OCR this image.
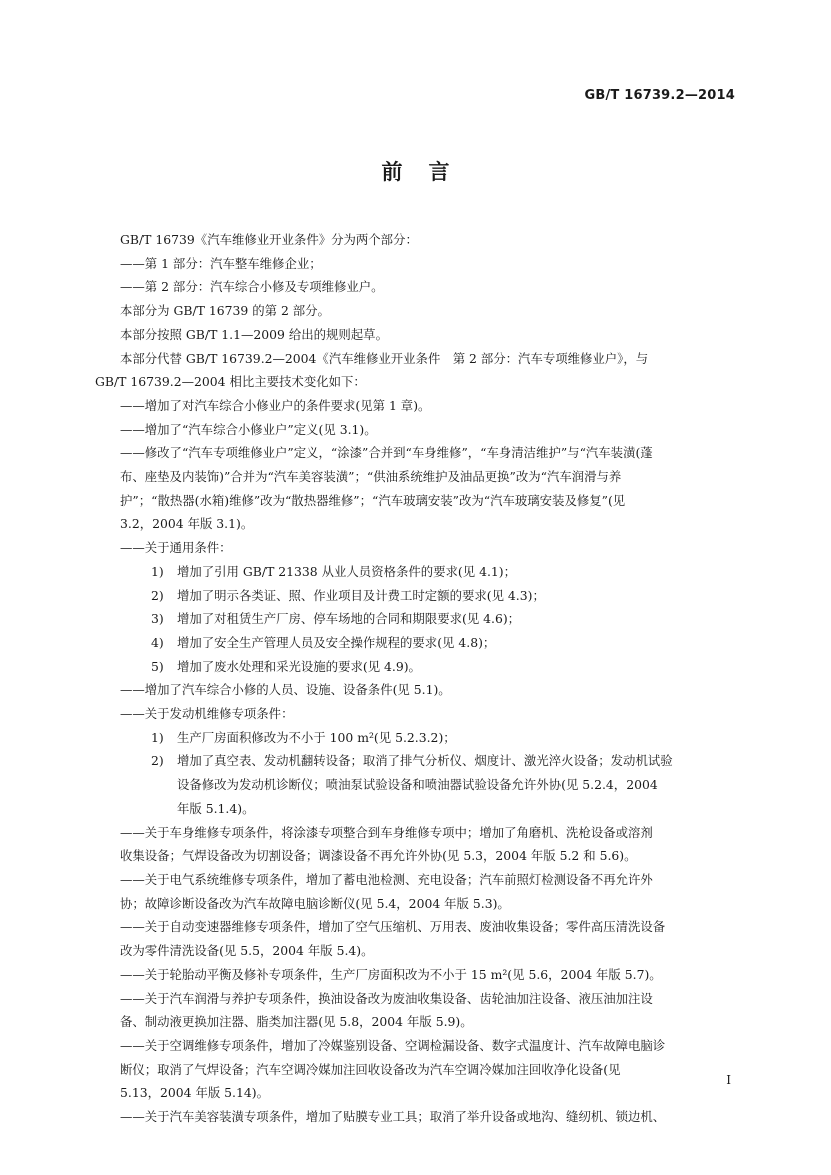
GB/T 16739.2—2014
前言

GB/T 16739《汽车维修业开业条件》分为两个部分：

——第 1 部分：汽车整车维修企业；

——第 2 部分：汽车综合小修及专项维修业户。

本部分为 GB/T 16739 的第 2 部分。

本部分按照 GB/T 1.1—2009 给出的规则起草。

本部分代替 GB/T 16739.2—2004《汽车维修业开业条件　第 2 部分：汽车专项维修业户》，与

GB/T 16739.2—2004 相比主要技术变化如下：

——增加了对汽车综合小修业户的条件要求(见第 1 章)。

——增加了“汽车综合小修业户”定义(见 3.1)。

——修改了“汽车专项维修业户”定义，“涂漆”合并到“车身维修”，“车身清洁维护”与“汽车装潢(蓬

布、座垫及内装饰)”合并为“汽车美容装潢”；“供油系统维护及油品更换”改为“汽车润滑与养

护”；“散热器(水箱)维修”改为“散热器维修”；“汽车玻璃安装”改为“汽车玻璃安装及修复”(见

3.2，2004 年版 3.1)。

——关于通用条件：

1)	增加了引用 GB/T 21338 从业人员资格条件的要求(见 4.1)；
2)	增加了明示各类证、照、作业项目及计费工时定额的要求(见 4.3)；
3)	增加了对租赁生产厂房、停车场地的合同和期限要求(见 4.6)；
4)	增加了安全生产管理人员及安全操作规程的要求(见 4.8)；
5)	增加了废水处理和采光设施的要求(见 4.9)。

——增加了汽车综合小修的人员、设施、设备条件(见 5.1)。

——关于发动机维修专项条件：

1)	生产厂房面积修改为不小于 100 m²(见 5.2.3.2)；
2)	增加了真空表、发动机翻转设备；取消了排气分析仪、烟度计、激光淬火设备；发动机试验
设备修改为发动机诊断仪；喷油泵试验设备和喷油器试验设备允许外协(见 5.2.4，2004
年版 5.1.4)。

——关于车身维修专项条件，将涂漆专项整合到车身维修专项中；增加了角磨机、洗枪设备或溶剂

收集设备；气焊设备改为切割设备；调漆设备不再允许外协(见 5.3，2004 年版 5.2 和 5.6)。

——关于电气系统维修专项条件，增加了蓄电池检测、充电设备；汽车前照灯检测设备不再允许外

协；故障诊断设备改为汽车故障电脑诊断仪(见 5.4，2004 年版 5.3)。

——关于自动变速器维修专项条件，增加了空气压缩机、万用表、废油收集设备；零件高压清洗设备

改为零件清洗设备(见 5.5，2004 年版 5.4)。

——关于轮胎动平衡及修补专项条件，生产厂房面积改为不小于 15 m²(见 5.6，2004 年版 5.7)。

——关于汽车润滑与养护专项条件，换油设备改为废油收集设备、齿轮油加注设备、液压油加注设

备、制动液更换加注器、脂类加注器(见 5.8，2004 年版 5.9)。

——关于空调维修专项条件，增加了冷媒鉴别设备、空调检漏设备、数字式温度计、汽车故障电脑诊

断仪；取消了气焊设备；汽车空调冷媒加注回收设备改为汽车空调冷媒加注回收净化设备(见

5.13，2004 年版 5.14)。

——关于汽车美容装潢专项条件，增加了贴膜专业工具；取消了举升设备或地沟、缝纫机、锁边机、

I
